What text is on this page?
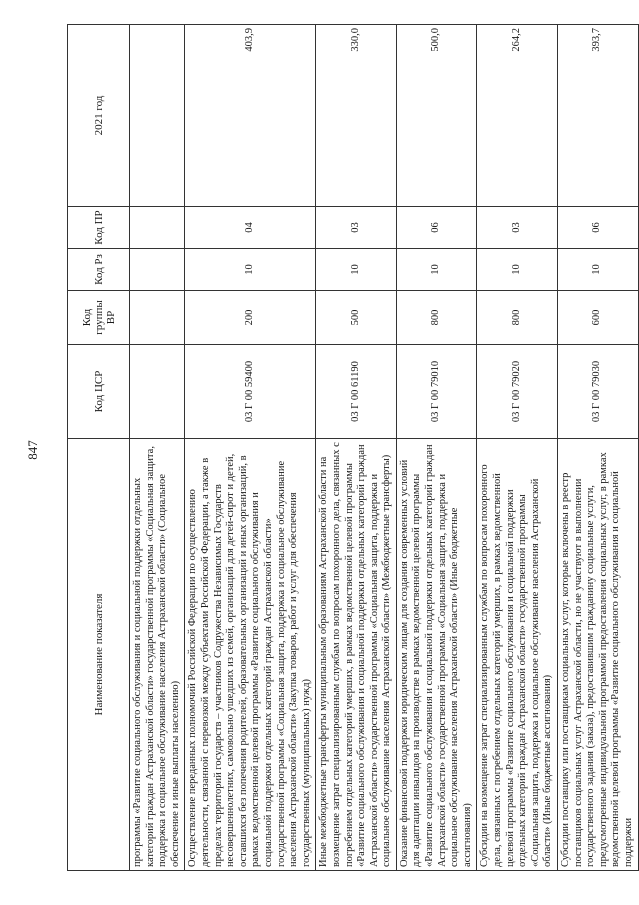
847
Наименование показателя	Код ЦСР	Код группы ВР	Код Рз	Код ПР	2021 год
программы «Развитие социального обслуживания и социальной поддержки отдельных категорий граждан Астраханской области» государственной программы «Социальная защита, поддержка и социальное обслуживание населения Астраханской области» (Социальное обеспечение и иные выплаты населению)					
Осуществление переданных полномочий Российской Федерации по осуществлению деятельности, связанной с перевозкой между субъектами Российской Федерации, а также в пределах территорий государств – участников Содружества Независимых Государств несовершеннолетних, самовольно ушедших из семей, организаций для детей-сирот и детей, оставшихся без попечения родителей, образовательных организаций и иных организаций, в рамках ведомственной целевой программы «Развитие социального обслуживания и социальной поддержки отдельных категорий граждан Астраханской области» государственной программы «Социальная защита, поддержка и социальное обслуживание населения Астраханской области» (Закупка товаров, работ и услуг для обеспечения государственных (муниципальных) нужд)	03 Г 00 59400	200	10	04	403,9
Иные межбюджетные трансферты муниципальным образованиям Астраханской области на возмещение затрат специализированным службам по вопросам похоронного дела, связанных с погребением отдельных категорий умерших, в рамках ведомственной целевой программы «Развитие социального обслуживания и социальной поддержки отдельных категорий граждан Астраханской области» государственной программы «Социальная защита, поддержка и социальное обслуживание населения Астраханской области» (Межбюджетные трансферты)	03 Г 00 61190	500	10	03	330,0
Оказание финансовой поддержки юридическим лицам для создания современных условий для адаптации инвалидов на производстве в рамках ведомственной целевой программы «Развитие социального обслуживания и социальной поддержки отдельных категорий граждан Астраханской области» государственной программы «Социальная защита, поддержка и социальное обслуживание населения Астраханской области» (Иные бюджетные ассигнования)	03 Г 00 79010	800	10	06	500,0
Субсидии на возмещение затрат специализированным службам по вопросам похоронного дела, связанных с погребением отдельных категорий умерших, в рамках ведомственной целевой программы «Развитие социального обслуживания и социальной поддержки отдельных категорий граждан Астраханской области» государственной программы «Социальная защита, поддержка и социальное обслуживание населения Астраханской области» (Иные бюджетные ассигнования)	03 Г 00 79020	800	10	03	264,2
Субсидии поставщику или поставщикам социальных услуг, которые включены в реестр поставщиков социальных услуг Астраханской области, но не участвуют в выполнении государственного задания (заказа), предоставившим гражданину социальные услуги, предусмотренные индивидуальной программой предоставления социальных услуг, в рамках ведомственной целевой программы «Развитие социального обслуживания и социальной поддержки	03 Г 00 79030	600	10	06	393,7
